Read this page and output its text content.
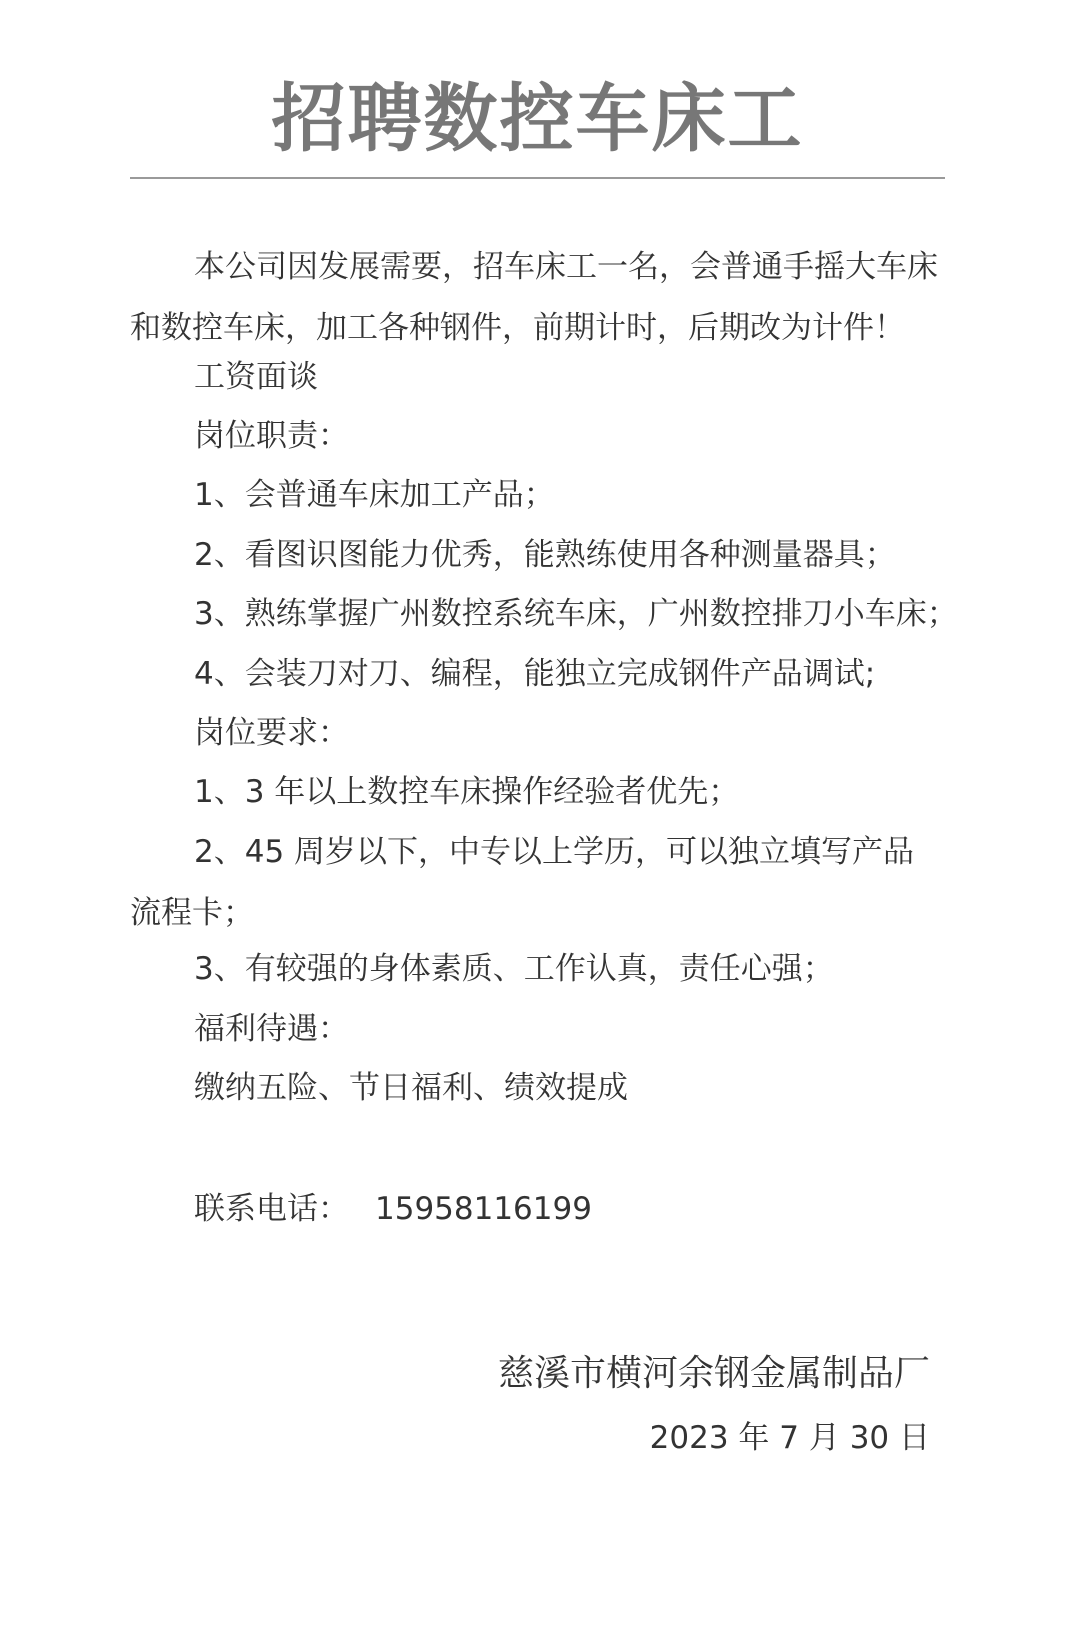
招聘数控车床工
本公司因发展需要，招车床工一名，会普通手摇大车床和数控车床，加工各种钢件，前期计时，后期改为计件！
工资面谈
岗位职责：
1、会普通车床加工产品；
2、看图识图能力优秀，能熟练使用各种测量器具；
3、熟练掌握广州数控系统车床，广州数控排刀小车床；
4、会装刀对刀、编程，能独立完成钢件产品调试;
岗位要求：
1、3 年以上数控车床操作经验者优先；
2、45 周岁以下，中专以上学历，可以独立填写产品流程卡；
3、有较强的身体素质、工作认真，责任心强；
福利待遇：
缴纳五险、节日福利、绩效提成
联系电话： 15958116199
慈溪市横河余钢金属制品厂
2023 年 7 月 30 日
